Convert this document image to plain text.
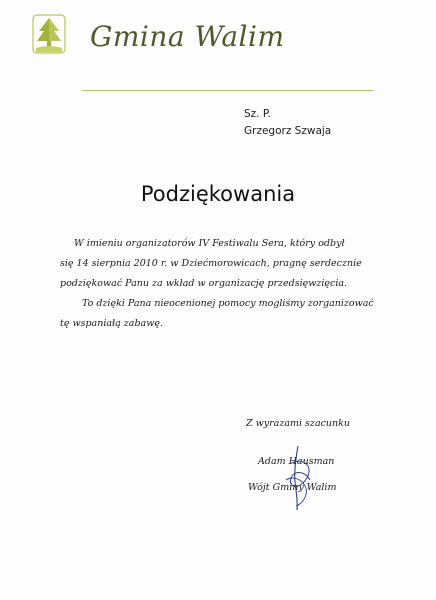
Gmina Walim
Sz. P.
Grzegorz Szwaja
Podziękowania
W imieniu organizatorów IV Festiwalu Sera, który odbył
się 14 sierpnia 2010 r. w Dziećmorowicach, pragnę serdecznie
podziękować Panu za wkład w organizację przedsięwzięcia.
To dzięki Pana nieocenionej pomocy mogliśmy zorganizować
tę wspaniałą zabawę.
Z wyrazami szacunku
Adam Hausman
Wójt Gminy Walim
